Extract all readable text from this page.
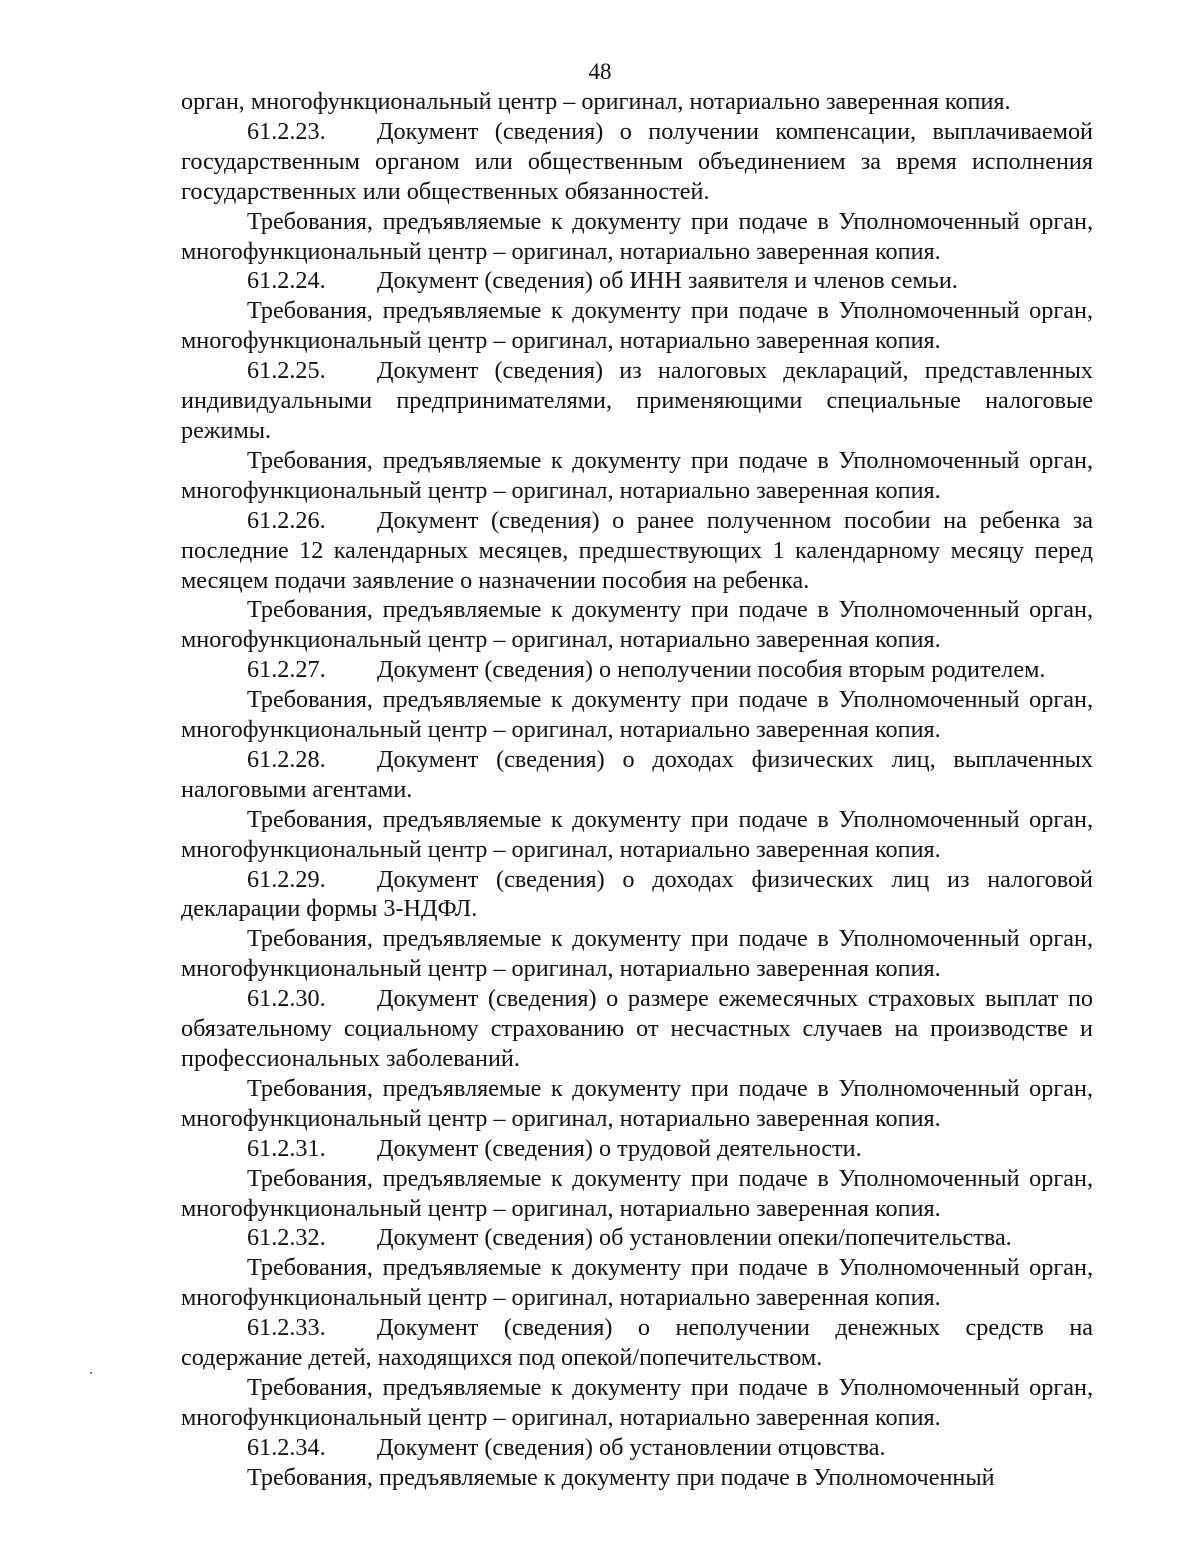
48

орган, многофункциональный центр – оригинал, нотариально заверенная копия.

61.2.23. Документ (сведения) о получении компенсации, выплачиваемой государственным органом или общественным объединением за время исполнения государственных или общественных обязанностей.

Требования, предъявляемые к документу при подаче в Уполномоченный орган, многофункциональный центр – оригинал, нотариально заверенная копия.

61.2.24. Документ (сведения) об ИНН заявителя и членов семьи.

Требования, предъявляемые к документу при подаче в Уполномоченный орган, многофункциональный центр – оригинал, нотариально заверенная копия.

61.2.25. Документ (сведения) из налоговых деклараций, представленных индивидуальными предпринимателями, применяющими специальные налоговые режимы.

Требования, предъявляемые к документу при подаче в Уполномоченный орган, многофункциональный центр – оригинал, нотариально заверенная копия.

61.2.26. Документ (сведения) о ранее полученном пособии на ребенка за последние 12 календарных месяцев, предшествующих 1 календарному месяцу перед месяцем подачи заявление о назначении пособия на ребенка.

Требования, предъявляемые к документу при подаче в Уполномоченный орган, многофункциональный центр – оригинал, нотариально заверенная копия.

61.2.27. Документ (сведения) о неполучении пособия вторым родителем.

Требования, предъявляемые к документу при подаче в Уполномоченный орган, многофункциональный центр – оригинал, нотариально заверенная копия.

61.2.28. Документ (сведения) о доходах физических лиц, выплаченных налоговыми агентами.

Требования, предъявляемые к документу при подаче в Уполномоченный орган, многофункциональный центр – оригинал, нотариально заверенная копия.

61.2.29. Документ (сведения) о доходах физических лиц из налоговой декларации формы 3-НДФЛ.

Требования, предъявляемые к документу при подаче в Уполномоченный орган, многофункциональный центр – оригинал, нотариально заверенная копия.

61.2.30. Документ (сведения) о размере ежемесячных страховых выплат по обязательному социальному страхованию от несчастных случаев на производстве и профессиональных заболеваний.

Требования, предъявляемые к документу при подаче в Уполномоченный орган, многофункциональный центр – оригинал, нотариально заверенная копия.

61.2.31. Документ (сведения) о трудовой деятельности.

Требования, предъявляемые к документу при подаче в Уполномоченный орган, многофункциональный центр – оригинал, нотариально заверенная копия.

61.2.32. Документ (сведения) об установлении опеки/попечительства.

Требования, предъявляемые к документу при подаче в Уполномоченный орган, многофункциональный центр – оригинал, нотариально заверенная копия.

61.2.33. Документ (сведения) о неполучении денежных средств на содержание детей, находящихся под опекой/попечительством.

Требования, предъявляемые к документу при подаче в Уполномоченный орган, многофункциональный центр – оригинал, нотариально заверенная копия.

61.2.34. Документ (сведения) об установлении отцовства.

Требования, предъявляемые к документу при подаче в Уполномоченный
